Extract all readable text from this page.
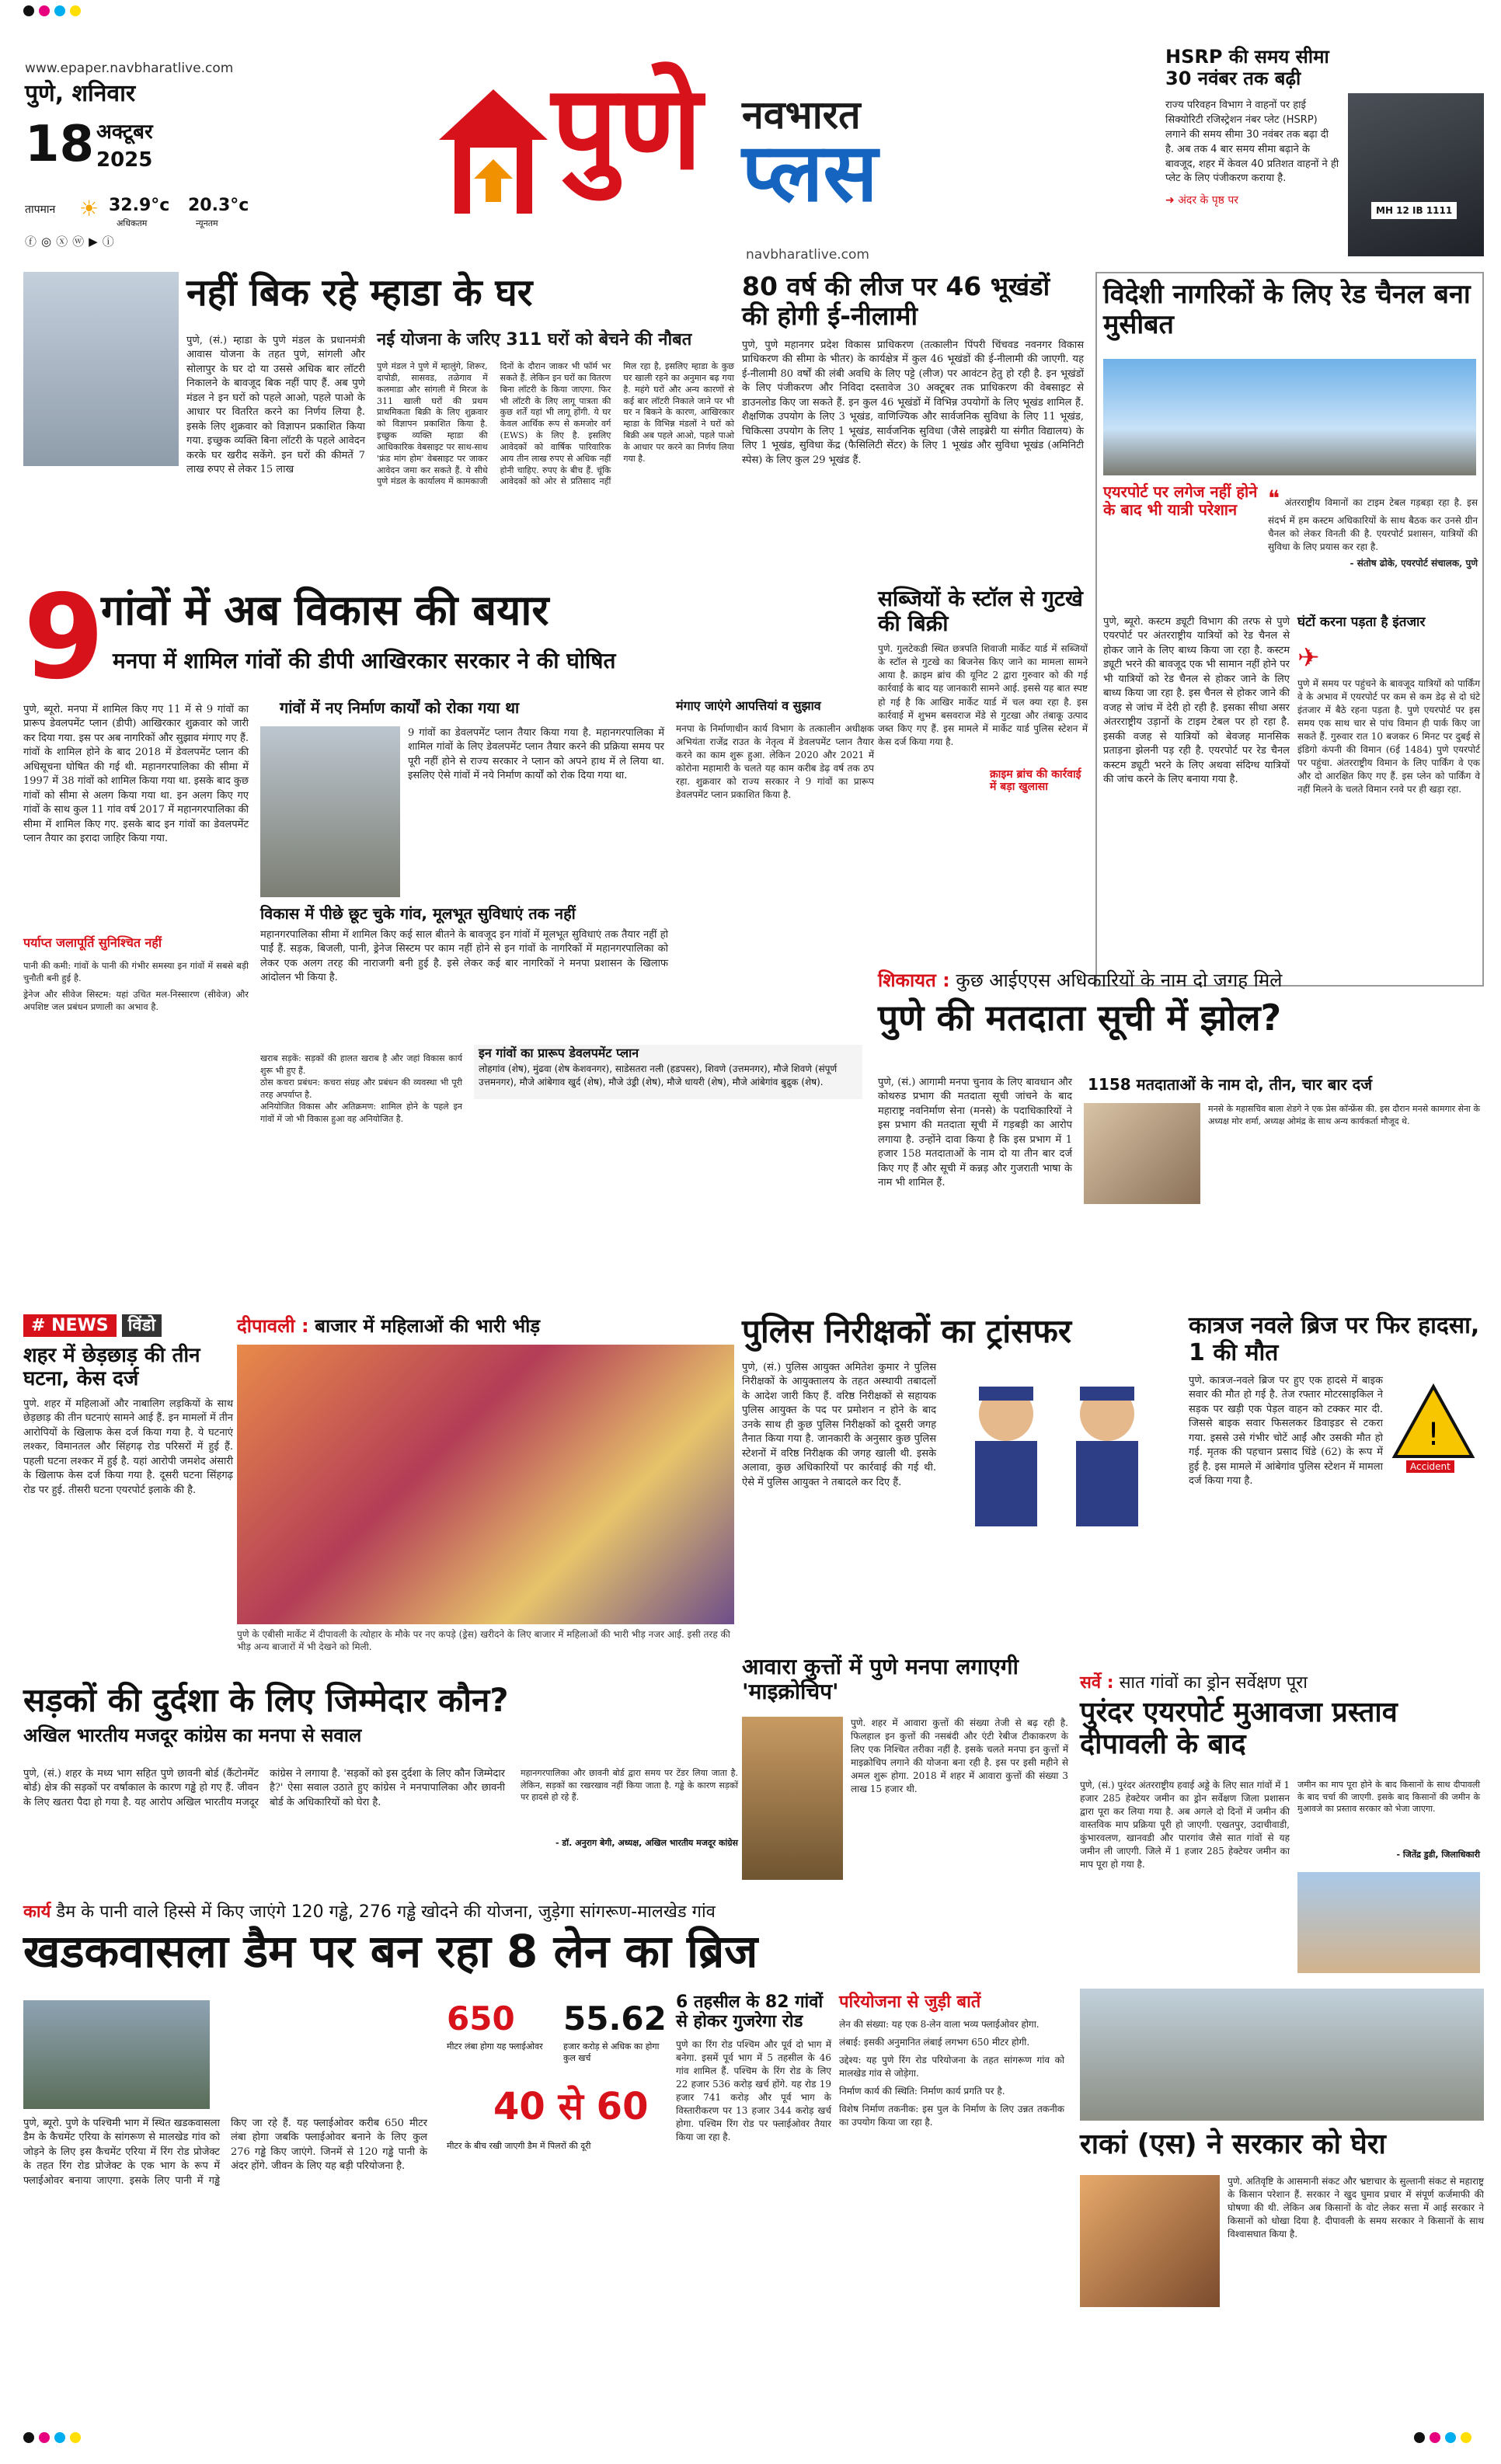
www.epaper.navbharatlive.com
पुणे, शनिवार
18 अक्टूबर
2025
तापमान ☀ 32.9°c
अधिकतम
20.3°c
न्यूनतम
ⓕ◎ⓧⓦ▶ⓘ
पुणे नवभारत
प्लस
navbharatlive.com
HSRP की समय सीमा
30 नवंबर तक बढ़ी
राज्य परिवहन विभाग ने वाहनों पर हाई सिक्योरिटी रजिस्ट्रेशन नंबर प्लेट (HSRP) लगाने की समय सीमा 30 नवंबर तक बढ़ा दी है. अब तक 4 बार समय सीमा बढ़ाने के बावजूद, शहर में केवल 40 प्रतिशत वाहनों ने ही प्लेट के लिए पंजीकरण कराया है.
➜ अंदर के पृष्ठ पर
MH 12 IB 1111
नहीं बिक रहे म्हाडा के घर
पुणे, (सं.) म्हाडा के पुणे मंडल के प्रधानमंत्री आवास योजना के तहत पुणे, सांगली और सोलापुर के घर दो या उससे अधिक बार लॉटरी निकालने के बावजूद बिक नहीं पाए हैं. अब पुणे मंडल ने इन घरों को पहले आओ, पहले पाओ के आधार पर वितरित करने का निर्णय लिया है. इसके लिए शुक्रवार को विज्ञापन प्रकाशित किया गया. इच्छुक व्यक्ति बिना लॉटरी के पहले आवेदन करके घर खरीद सकेंगे. इन घरों की कीमतें 7 लाख रुपए से लेकर 15 लाख
नई योजना के जरिए 311 घरों को बेचने की नौबत
पुणे मंडल ने पुणे में म्हालुंगे, शिरूर, दापोडी, सासवड, तळेगाव में कलमाडा और सांगली में मिरज के 311 खाली घरों की प्रथम प्राथमिकता बिक्री के लिए शुक्रवार को विज्ञापन प्रकाशित किया है. इच्छुक व्यक्ति म्हाडा की आधिकारिक वेबसाइट पर साथ-साथ 'फ्रंड मांग होम' वेबसाइट पर जाकर आवेदन जमा कर सकते हैं. ये सीधे पुणे मंडल के कार्यालय में कामकाजी दिनों के दौरान जाकर भी फॉर्म भर सकते हैं. लेकिन इन घरों का वितरण बिना लॉटरी के किया जाएगा. फिर भी लॉटरी के लिए लागू पात्रता की कुछ शर्तें यहां भी लागू होंगी. ये घर केवल आर्थिक रूप से कमजोर वर्ग (EWS) के लिए है. इसलिए आवेदकों को वार्षिक पारिवारिक आय तीन लाख रुपए से अधिक नहीं होनी चाहिए. रुपए के बीच हैं. चूंकि आवेदकों को ओर से प्रतिसाद नहीं मिल रहा है, इसलिए म्हाडा के कुछ घर खाली रहने का अनुमान बढ़ गया है. महंगे घरों और अन्य कारणों से कई बार लॉटरी निकाले जाने पर भी घर न बिकने के कारण, आखिरकार म्हाडा के विभिन्न मंडलों ने घरों को बिक्री अब पहले आओ, पहले पाओ के आधार पर करने का निर्णय लिया गया है.
80 वर्ष की लीज पर 46 भूखंडों की होगी ई-नीलामी
पुणे, पुणे महानगर प्रदेश विकास प्राधिकरण (तत्कालीन पिंपरी चिंचवड नवनगर विकास प्राधिकरण की सीमा के भीतर) के कार्यक्षेत्र में कुल 46 भूखंडों की ई-नीलामी की जाएगी. यह ई-नीलामी 80 वर्षों की लंबी अवधि के लिए पट्टे (लीज) पर आवंटन हेतु हो रही है. इन भूखंडों के लिए पंजीकरण और निविदा दस्तावेज 30 अक्टूबर तक प्राधिकरण की वेबसाइट से डाउनलोड किए जा सकते हैं. इन कुल 46 भूखंडों में विभिन्न उपयोगों के लिए भूखंड शामिल हैं. शैक्षणिक उपयोग के लिए 3 भूखंड, वाणिज्यिक और सार्वजनिक सुविधा के लिए 11 भूखंड, चिकित्सा उपयोग के लिए 1 भूखंड, सार्वजनिक सुविधा (जैसे लाइब्रेरी या संगीत विद्यालय) के लिए 1 भूखंड, सुविधा केंद्र (फैसिलिटी सेंटर) के लिए 1 भूखंड और सुविधा भूखंड (अमिनिटी स्पेस) के लिए कुल 29 भूखंड हैं.
विदेशी नागरिकों के लिए रेड चैनल बना मुसीबत
एयरपोर्ट पर लगेज नहीं होने के बाद भी यात्री परेशान	❝ अंतरराष्ट्रीय विमानों का टाइम टेबल गड़बड़ा रहा है. इस संदर्भ में हम कस्टम अधिकारियों के साथ बैठक कर उनसे ग्रीन चैनल को लेकर विनती की है. एयरपोर्ट प्रशासन, यात्रियों की सुविधा के लिए प्रयास कर रहा है.
- संतोष ढोके, एयरपोर्ट संचालक, पुणे
पुणे, ब्यूरो. कस्टम ड्यूटी विभाग की तरफ से पुणे एयरपोर्ट पर अंतरराष्ट्रीय यात्रियों को रेड चैनल से होकर जाने के लिए बाध्य किया जा रहा है. कस्टम ड्यूटी भरने की बावजूद एक भी सामान नहीं होने पर भी यात्रियों को रेड चैनल से होकर जाने के लिए बाध्य किया जा रहा है. इस चैनल से होकर जाने की वजह से जांच में देरी हो रही है. इसका सीधा असर अंतरराष्ट्रीय उड़ानों के टाइम टेबल पर हो रहा है. इसकी वजह से यात्रियों को बेवजह मानसिक प्रताड़ना झेलनी पड़ रही है. एयरपोर्ट पर रेड चैनल कस्टम ड्यूटी भरने के लिए अथवा संदिग्ध यात्रियों की जांच करने के लिए बनाया गया है.
घंटों करना पड़ता है इंतजार
✈
पुणे में समय पर पहुंचने के बावजूद यात्रियों को पार्किंग वे के अभाव में एयरपोर्ट पर कम से कम डेढ़ से दो घंटे इंतजार में बैठे रहना पड़ता है. पुणे एयरपोर्ट पर इस समय एक साथ चार से पांच विमान ही पार्क किए जा सकते हैं. गुरुवार रात 10 बजकर 6 मिनट पर दुबई से इंडिगो कंपनी की विमान (6ई 1484) पुणे एयरपोर्ट पर पहुंचा. अंतरराष्ट्रीय विमान के लिए पार्किंग वे एक और दो आरक्षित किए गए हैं. इस प्लेन को पार्किंग वे नहीं मिलने के चलते विमान रनवे पर ही खड़ा रहा.
9
गांवों में अब विकास की बयार
मनपा में शामिल गांवों की डीपी आखिरकार सरकार ने की घोषित
पुणे, ब्यूरो. मनपा में शामिल किए गए 11 में से 9 गांवों का प्रारूप डेवलपमेंट प्लान (डीपी) आखिरकार शुक्रवार को जारी कर दिया गया. इस पर अब नागरिकों और सुझाव मंगाए गए हैं. गांवों के शामिल होने के बाद 2018 में डेवलपमेंट प्लान की अधिसूचना घोषित की गई थी. महानगरपालिका की सीमा में 1997 में 38 गांवों को शामिल किया गया था. इसके बाद कुछ गांवों को सीमा से अलग किया गया था. इन अलग किए गए गांवों के साथ कुल 11 गांव वर्ष 2017 में महानगरपालिका की सीमा में शामिल किए गए. इसके बाद इन गांवों का डेवलपमेंट प्लान तैयार का इरादा जाहिर किया गया.
गांवों में नए निर्माण कार्यों को रोका गया था
9 गांवों का डेवलपमेंट प्लान तैयार किया गया है. महानगरपालिका में शामिल गांवों के लिए डेवलपमेंट प्लान तैयार करने की प्रक्रिया समय पर पूरी नहीं होने से राज्य सरकार ने प्लान को अपने हाथ में ले लिया था. इसलिए ऐसे गांवों में नये निर्माण कार्यों को रोक दिया गया था.
मंगाए जाएंगे आपत्तियां व सुझाव
मनपा के निर्माणाधीन कार्य विभाग के तत्कालीन अधीक्षक अभियंता राजेंद्र राउत के नेतृत्व में डेवलपमेंट प्लान तैयार करने का काम शुरू हुआ. लेकिन 2020 और 2021 में कोरोना महामारी के चलते यह काम करीब डेढ़ वर्ष तक ठप रहा. शुक्रवार को राज्य सरकार ने 9 गांवों का प्रारूप डेवलपमेंट प्लान प्रकाशित किया है.
विकास में पीछे छूट चुके गांव, मूलभूत सुविधाएं तक नहीं
महानगरपालिका सीमा में शामिल किए कई साल बीतने के बावजूद इन गांवों में मूलभूत सुविधाएं तक तैयार नहीं हो पाईं हैं. सड़क, बिजली, पानी, ड्रेनेज सिस्टम पर काम नहीं होने से इन गांवों के नागरिकों में महानगरपालिका को लेकर एक अलग तरह की नाराजगी बनी हुई है. इसे लेकर कई बार नागरिकों ने मनपा प्रशासन के खिलाफ आंदोलन भी किया है.
पर्याप्त जलापूर्ति सुनिश्चित नहीं
पानी की कमी: गांवों के पानी की गंभीर समस्या इन गांवों में सबसे बड़ी चुनौती बनी हुई है.
ड्रेनेज और सीवेज सिस्टम: यहां उचित मल-निस्सारण (सीवेज) और अपशिष्ट जल प्रबंधन प्रणाली का अभाव है.
खराब सड़कें: सड़कों की हालत खराब है और जहां विकास कार्य शुरू भी हुए हैं.
ठोस कचरा प्रबंधन: कचरा संग्रह और प्रबंधन की व्यवस्था भी पूरी तरह अपर्याप्त है.
अनियोजित विकास और अतिक्रमण: शामिल होने के पहले इन गांवों में जो भी विकास हुआ वह अनियोजित है.
इन गांवों का प्रारूप डेवलपमेंट प्लान
लोहगांव (शेष), मुंढवा (शेष केशवनगर), साडेसतरा नली (हडपसर), शिवणे (उत्तमनगर), मौजे शिवणे (संपूर्ण उत्तमनगर), मौजे आंबेगाव खुर्द (शेष), मौजे उंड्री (शेष), मौजे धायरी (शेष), मौजे आंबेगांव बुद्रुक (शेष).
सब्जियों के स्टॉल से गुटखे की बिक्री
पुणे. गुलटेकडी स्थित छत्रपति शिवाजी मार्केट यार्ड में सब्जियों के स्टॉल से गुटखे का बिजनेस किए जाने का मामला सामने आया है. क्राइम ब्रांच की यूनिट 2 द्वारा गुरुवार को की गई कार्रवाई के बाद यह जानकारी सामने आई. इससे यह बात स्पष्ट हो गई है कि आखिर मार्केट यार्ड में चल क्या रहा है. इस कार्रवाई में शुभम बसवराज मेंडे से गुटखा और तंबाकू उत्पाद जब्त किए गए हैं. इस मामले में मार्केट यार्ड पुलिस स्टेशन में केस दर्ज किया गया है.
क्राइम ब्रांच की कार्रवाई में बड़ा खुलासा
शिकायत : कुछ आईएएस अधिकारियों के नाम दो जगह मिले
पुणे की मतदाता सूची में झोल?
पुणे, (सं.) आगामी मनपा चुनाव के लिए बावधान और कोथरुड प्रभाग की मतदाता सूची जांचने के बाद महाराष्ट्र नवनिर्माण सेना (मनसे) के पदाधिकारियों ने इस प्रभाग की मतदाता सूची में गड़बड़ी का आरोप लगाया है. उन्होंने दावा किया है कि इस प्रभाग में 1 हजार 158 मतदाताओं के नाम दो या तीन बार दर्ज किए गए हैं और सूची में कन्नड़ और गुजराती भाषा के नाम भी शामिल हैं.
1158 मतदाताओं के नाम दो, तीन, चार बार दर्ज
मनसे के महासचिव बाला शेडगे ने एक प्रेस कॉन्फ्रेंस की. इस दौरान मनसे कामगार सेना के अध्यक्ष मोर शर्मा, अध्यक्ष ओमंद्र के साथ अन्य कार्यकर्ता मौजूद थे.
# NEWS विंडो
शहर में छेड़छाड़ की तीन घटना, केस दर्ज
पुणे. शहर में महिलाओं और नाबालिग लड़कियों के साथ छेड़छाड़ की तीन घटनाएं सामने आई हैं. इन मामलों में तीन आरोपियों के खिलाफ केस दर्ज किया गया है. ये घटनाएं लश्कर, विमानतल और सिंहगढ़ रोड परिसरों में हुई हैं. पहली घटना लश्कर में हुई है. यहां आरोपी जमशेद अंसारी के खिलाफ केस दर्ज किया गया है. दूसरी घटना सिंहगढ़ रोड पर हुई. तीसरी घटना एयरपोर्ट इलाके की है.
दीपावली : बाजार में महिलाओं की भारी भीड़
पुणे के एबीसी मार्केट में दीपावली के त्योहार के मौके पर नए कपड़े (ड्रेस) खरीदने के लिए बाजार में महिलाओं की भारी भीड़ नजर आई. इसी तरह की भीड़ अन्य बाजारों में भी देखने को मिली.
पुलिस निरीक्षकों का ट्रांसफर
पुणे, (सं.) पुलिस आयुक्त अमितेश कुमार ने पुलिस निरीक्षकों के आयुक्तालय के तहत अस्थायी तबादलों के आदेश जारी किए हैं. वरिष्ठ निरीक्षकों से सहायक पुलिस आयुक्त के पद पर प्रमोशन न होने के बाद उनके साथ ही कुछ पुलिस निरीक्षकों को दूसरी जगह तैनात किया गया है. जानकारी के अनुसार कुछ पुलिस स्टेशनों में वरिष्ठ निरीक्षक की जगह खाली थी. इसके अलावा, कुछ अधिकारियों पर कार्रवाई की गई थी. ऐसे में पुलिस आयुक्त ने तबादले कर दिए हैं.
कात्रज नवले ब्रिज पर फिर हादसा, 1 की मौत
!
Accident
पुणे. कात्रज-नवले ब्रिज पर हुए एक हादसे में बाइक सवार की मौत हो गई है. तेज रफ्तार मोटरसाइकिल ने सड़क पर खड़ी एक पेड़ल वाहन को टक्कर मार दी. जिससे बाइक सवार फिसलकर डिवाइडर से टकरा गया. इससे उसे गंभीर चोटें आईं और उसकी मौत हो गई. मृतक की पहचान प्रसाद धिंडे (62) के रूप में हुई है. इस मामले में आंबेगांव पुलिस स्टेशन में मामला दर्ज किया गया है.
आवारा कुत्तों में पुणे मनपा लगाएगी 'माइक्रोचिप'
पुणे. शहर में आवारा कुत्तों की संख्या तेजी से बढ़ रही है. फिलहाल इन कुत्तों की नसबंदी और एंटी रेबीज टीकाकरण के लिए एक निश्चित तरीका नहीं है. इसके चलते मनपा इन कुत्तों में माइक्रोचिप लगाने की योजना बना रही है. इस पर इसी महीने से अमल शुरू होगा. 2018 में शहर में आवारा कुत्तों की संख्या 3 लाख 15 हजार थी.
सर्वे : सात गांवों का ड्रोन सर्वेक्षण पूरा
पुरंदर एयरपोर्ट मुआवजा प्रस्ताव दीपावली के बाद
पुणे, (सं.) पुरंदर अंतरराष्ट्रीय हवाई अड्डे के लिए सात गांवों में 1 हजार 285 हेक्टेयर जमीन का ड्रोन सर्वेक्षण जिला प्रशासन द्वारा पूरा कर लिया गया है. अब अगले दो दिनों में जमीन की वास्तविक माप प्रक्रिया पूरी हो जाएगी. एखतपुर, उदाचीवाडी, कुंभारवलण, खानवडी और पारगांव जैसे सात गांवों से यह जमीन ली जाएगी. जिले में 1 हजार 285 हेक्टेयर जमीन का माप पूरा हो गया है.
जमीन का माप पूरा होने के बाद किसानों के साथ दीपावली के बाद चर्चा की जाएगी. इसके बाद किसानों की जमीन के मुआवजे का प्रस्ताव सरकार को भेजा जाएगा.
- जितेंद्र डुडी, जिलाधिकारी
सड़कों की दुर्दशा के लिए जिम्मेदार कौन?
अखिल भारतीय मजदूर कांग्रेस का मनपा से सवाल
पुणे, (सं.) शहर के मध्य भाग सहित पुणे छावनी बोर्ड (कैंटोनमेंट बोर्ड) क्षेत्र की सड़कों पर वर्षाकाल के कारण गड्ढे हो गए हैं. जीवन के लिए खतरा पैदा हो गया है. यह आरोप अखिल भारतीय मजदूर कांग्रेस ने लगाया है. 'सड़कों को इस दुर्दशा के लिए कौन जिम्मेदार है?' ऐसा सवाल उठाते हुए कांग्रेस ने मनपापालिका और छावनी बोर्ड के अधिकारियों को घेरा है.
महानगरपालिका और छावनी बोर्ड द्वारा समय पर टेंडर लिया जाता है. लेकिन, सड़कों का रखरखाव नहीं किया जाता है. गड्ढे के कारण सड़कों पर हादसे हो रहे हैं.
- डॉ. अनुराग बेगी, अध्यक्ष, अखिल भारतीय मजदूर कांग्रेस
कार्य डैम के पानी वाले हिस्से में किए जाएंगे 120 गड्ढे, 276 गड्ढे खोदने की योजना, जुड़ेगा सांगरूण-मालखेड गांव
खडकवासला डैम पर बन रहा 8 लेन का ब्रिज
पुणे, ब्यूरो. पुणे के पश्चिमी भाग में स्थित खडकवासला डैम के कैचमेंट एरिया के सांगरूण से मालखेड गांव को जोड़ने के लिए इस कैचमेंट एरिया में रिंग रोड प्रोजेक्ट के तहत रिंग रोड प्रोजेक्ट के एक भाग के रूप में फ्लाईओवर बनाया जाएगा. इसके लिए पानी में गड्ढे किए जा रहे हैं. यह फ्लाईओवर करीब 650 मीटर लंबा होगा जबकि फ्लाईओवर बनाने के लिए कुल 276 गड्ढे किए जाएंगे. जिनमें से 120 गड्ढे पानी के अंदर होंगे. जीवन के लिए यह बड़ी परियोजना है.
650
मीटर लंबा होगा यह फ्लाईओवर
55.62
हजार करोड़ से अधिक का होगा कुल खर्च
40 से 60
मीटर के बीच रखी जाएगी डैम में पिलरों की दूरी
6 तहसील के 82 गांवों से होकर गुजरेगा रोड
पुणे का रिंग रोड पश्चिम और पूर्व दो भाग में बनेगा. इसमें पूर्व भाग में 5 तहसील के 46 गांव शामिल हैं. पश्चिम के रिंग रोड के लिए 22 हजार 536 करोड़ खर्च होंगे. यह रोड 19 हजार 741 करोड़ और पूर्व भाग के विस्तारीकरण पर 13 हजार 344 करोड़ खर्च होगा. पश्चिम रिंग रोड पर फ्लाईओवर तैयार किया जा रहा है.
परियोजना से जुड़ी बातें
लेन की संख्या: यह एक 8-लेन वाला भव्य फ्लाईओवर होगा.
लंबाई: इसकी अनुमानित लंबाई लगभग 650 मीटर होगी.
उद्देश्य: यह पुणे रिंग रोड परियोजना के तहत सांगरूण गांव को मालखेड गांव से जोड़ेगा.
निर्माण कार्य की स्थिति: निर्माण कार्य प्रगति पर है.
विशेष निर्माण तकनीक: इस पुल के निर्माण के लिए उन्नत तकनीक का उपयोग किया जा रहा है.
राकां (एस) ने सरकार को घेरा
पुणे. अतिवृष्टि के आसमानी संकट और भ्रष्टाचार के सुल्तानी संकट से महाराष्ट्र के किसान परेशान हैं. सरकार ने खुद घुमाव प्रचार में संपूर्ण कर्जमाफी की घोषणा की थी. लेकिन अब किसानों के वोट लेकर सत्ता में आई सरकार ने किसानों को धोखा दिया है. दीपावली के समय सरकार ने किसानों के साथ विश्वासघात किया है.
